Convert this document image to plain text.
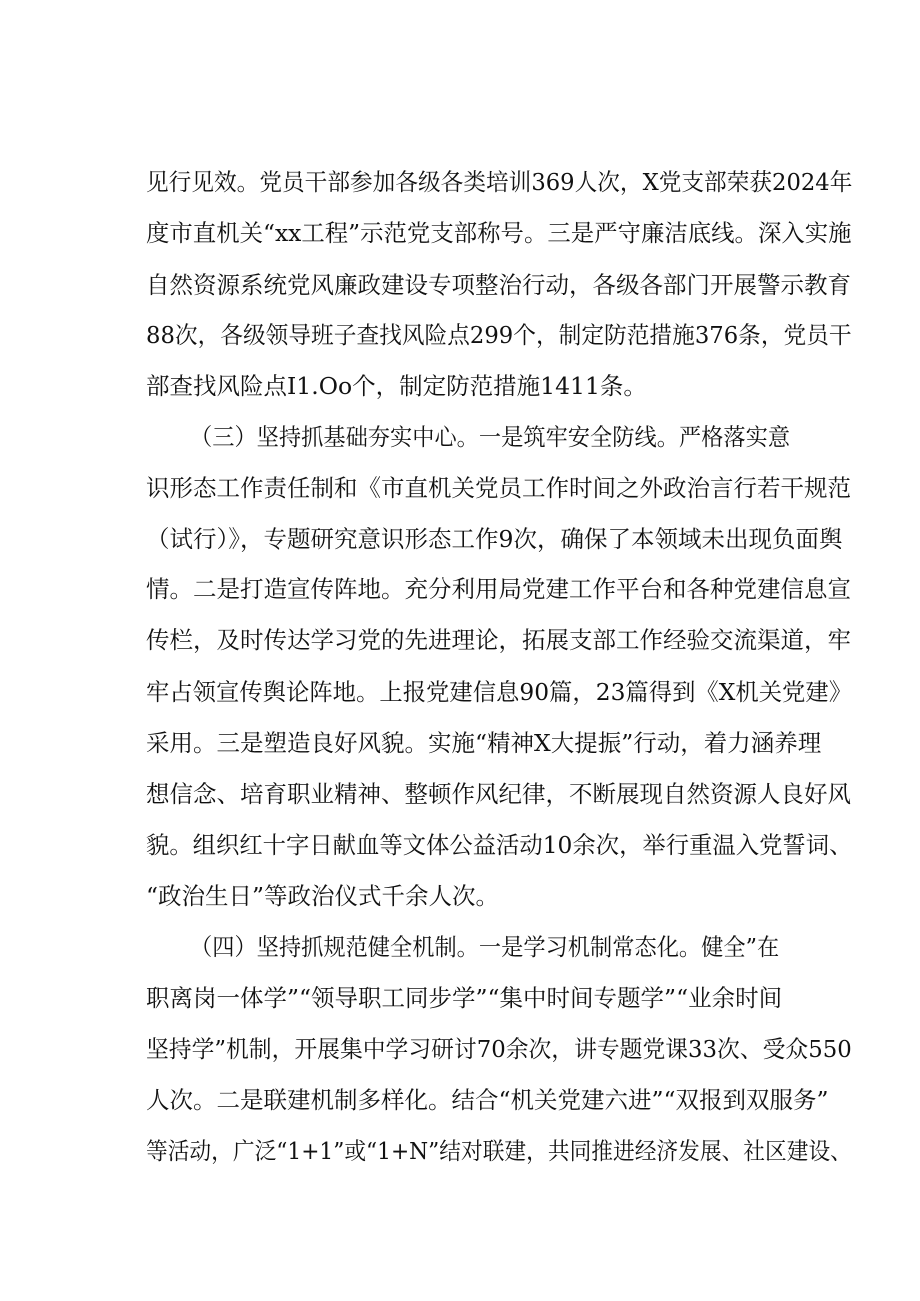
见行见效。党员干部参加各级各类培训369人次，X党支部荣获2024年
度市直机关“xx工程”示范党支部称号。三是严守廉洁底线。深入实施
自然资源系统党风廉政建设专项整治行动，各级各部门开展警示教育
88次，各级领导班子查找风险点299个，制定防范措施376条，党员干
部查找风险点I1.Oo个，制定防范措施1411条。
（三）坚持抓基础夯实中心。一是筑牢安全防线。严格落实意
识形态工作责任制和《市直机关党员工作时间之外政治言行若干规范
（试行）》，专题研究意识形态工作9次，确保了本领域未出现负面舆
情。二是打造宣传阵地。充分利用局党建工作平台和各种党建信息宣
传栏，及时传达学习党的先进理论，拓展支部工作经验交流渠道，牢
牢占领宣传舆论阵地。上报党建信息90篇，23篇得到《X机关党建》
采用。三是塑造良好风貌。实施“精神X大提振”行动，着力涵养理
想信念、培育职业精神、整顿作风纪律，不断展现自然资源人良好风
貌。组织红十字日献血等文体公益活动10余次，举行重温入党誓词、
“政治生日”等政治仪式千余人次。
（四）坚持抓规范健全机制。一是学习机制常态化。健全”在
职离岗一体学”“领导职工同步学”“集中时间专题学”“业余时间
坚持学”机制，开展集中学习研讨70余次，讲专题党课33次、受众550
人次。二是联建机制多样化。结合“机关党建六进”“双报到双服务”
等活动，广泛“1+1”或“1+N”结对联建，共同推进经济发展、社区建设、
